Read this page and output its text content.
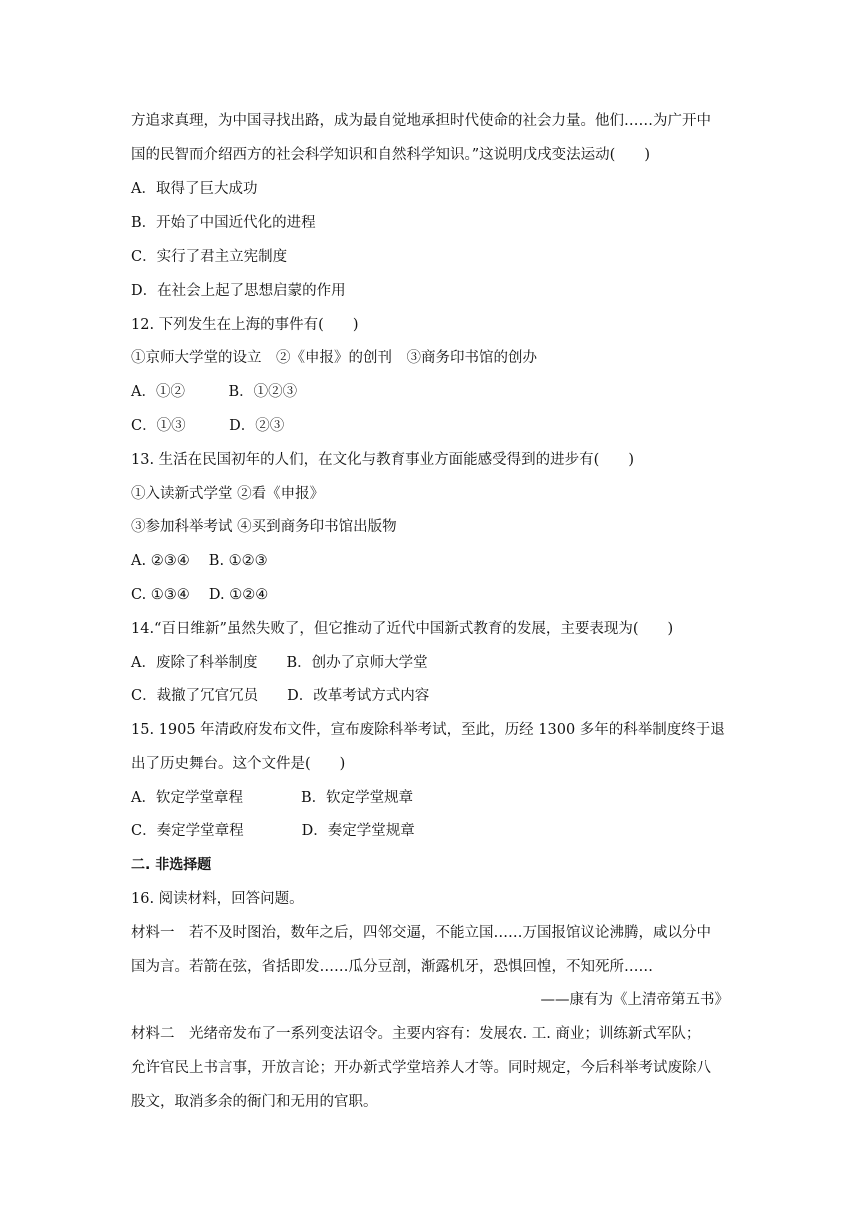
方追求真理，为中国寻找出路，成为最自觉地承担时代使命的社会力量。他们……为广开中
国的民智而介绍西方的社会科学知识和自然科学知识。”这说明戊戌变法运动(　　)
A．取得了巨大成功
B．开始了中国近代化的进程
C．实行了君主立宪制度
D．在社会上起了思想启蒙的作用
12. 下列发生在上海的事件有(　　)
①京师大学堂的设立　②《申报》的创刊　③商务印书馆的创办
A．①②　　　B．①②③
C．①③　　　D．②③
13. 生活在民国初年的人们，在文化与教育事业方面能感受得到的进步有(　　)
①入读新式学堂 ②看《申报》
③参加科举考试 ④买到商务印书馆出版物
A. ②③④　 B. ①②③
C. ①③④　 D. ①②④
14.“百日维新”虽然失败了，但它推动了近代中国新式教育的发展，主要表现为(　　)
A．废除了科举制度　　B．创办了京师大学堂
C．裁撤了冗官冗员　　D．改革考试方式内容
15. 1905 年清政府发布文件，宣布废除科举考试，至此，历经 1300 多年的科举制度终于退
出了历史舞台。这个文件是(　　)
A．钦定学堂章程　　　　B．钦定学堂规章
C．奏定学堂章程　　　　D．奏定学堂规章
二. 非选择题
16. 阅读材料，回答问题。
材料一　若不及时图治，数年之后，四邻交逼，不能立国……万国报馆议论沸腾，咸以分中
国为言。若箭在弦，省括即发……瓜分豆剖，渐露机牙，恐惧回惶，不知死所……
——康有为《上清帝第五书》
材料二　光绪帝发布了一系列变法诏令。主要内容有：发展农. 工. 商业；训练新式军队；
允许官民上书言事，开放言论；开办新式学堂培养人才等。同时规定，今后科举考试废除八
股文，取消多余的衙门和无用的官职。
